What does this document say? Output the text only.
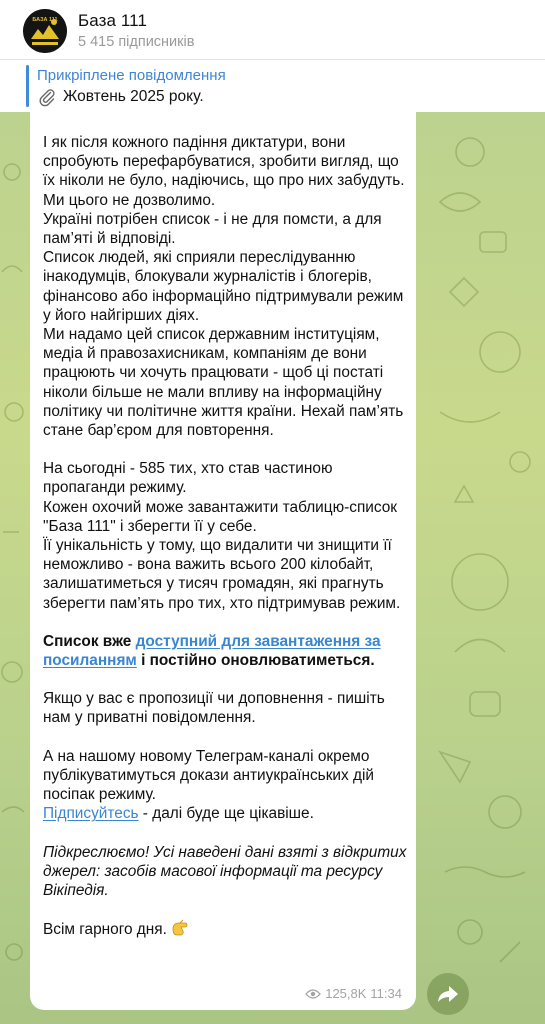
БАЗА 111 База 111
5 415 підписників
Прикріплене повідомлення
Жовтень 2025 року.

І як після кожного падіння диктатури, вони спробують перефарбуватися, зробити вигляд, що їх ніколи не було, надіючись, що про них забудуть. Ми цього не дозволимо.

Україні потрібен список - і не для помсти, а для пам’яті й відповіді.

Список людей, які сприяли переслідуванню інакодумців, блокували журналістів і блогерів, фінансово або інформаційно підтримували режим у його найгірших діях.

Ми надамо цей список державним інституціям, медіа й правозахисникам, компаніям де вони працюють чи хочуть працювати - щоб ці постаті ніколи більше не мали впливу на інформаційну політику чи політичне життя країни. Нехай пам’ять стане бар’єром для повторення.

На сьогодні - 585 тих, хто став частиною пропаганди режиму.

Кожен охочий може завантажити таблицю-список "База 111" і зберегти її у себе.

Її унікальність у тому, що видалити чи знищити її неможливо - вона важить всього 200 кілобайт, залишатиметься у тисяч громадян, які прагнуть зберегти пам’ять про тих, хто підтримував режим.

Список вже доступний для завантаження за посиланням і постійно оновлюватиметься.

Якщо у вас є пропозиції чи доповнення - пишіть нам у приватні повідомлення.

А на нашому новому Телеграм-каналі окремо публікуватимуться докази антиукраїнських дій посіпак режиму.
Підписуйтесь - далі буде ще цікавіше.

Підкреслюємо! Усі наведені дані взяті з відкритих джерел: засобів масової інформації та ресурсу Вікіпедія.

Всім гарного дня.

125,8K 11:34
